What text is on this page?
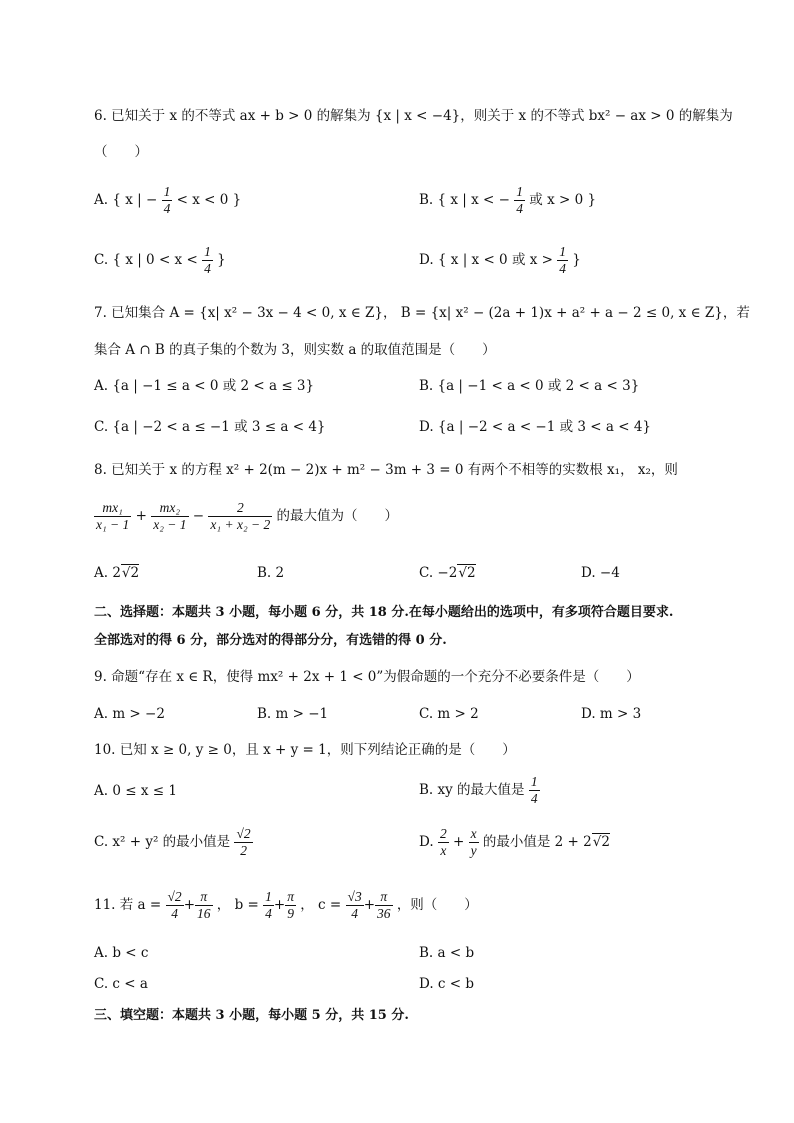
6. 已知关于 x 的不等式 ax + b > 0 的解集为 {x | x < −4}，则关于 x 的不等式 bx² − ax > 0 的解集为
（　　）
A. { x | − $\frac{1}{4} < x < 0$ }	B. { x | x < − $\frac{1}{4}$ 或 x > 0 }
C. { x | $0 < x < \frac{1}{4}$ }	D. { x | x < 0 或 $x > \frac{1}{4}$ }
7. 已知集合 A = {x| x² − 3x − 4 < 0, x ∈ Z}， B = {x| x² − (2a + 1)x + a² + a − 2 ≤ 0, x ∈ Z}，若
集合 A ∩ B 的真子集的个数为 3，则实数 a 的取值范围是（　　）
A. {a | −1 ≤ a < 0 或 2 < a ≤ 3}	B. {a | −1 < a < 0 或 2 < a < 3}
C. {a | −2 < a ≤ −1 或 3 ≤ a < 4}	D. {a | −2 < a < −1 或 3 < a < 4}
8. 已知关于 x 的方程 x² + 2(m − 2)x + m² − 3m + 3 = 0 有两个不相等的实数根 x₁， x₂，则
$\frac{\text{mx₁}}{\text{x₁ − 1}} + \frac{\text{mx₂}}{\text{x₂ − 1}} - \frac{2}{\text{x₁ + x₂ − 2}}$ 的最大值为（　　）
A. 2√2	B. 2	C. −2√2	D. −4
二、选择题：本题共 3 小题，每小题 6 分，共 18 分.在每小题给出的选项中，有多项符合题目要求.
全部选对的得 6 分，部分选对的得部分分，有选错的得 0 分.
9. 命题“存在 x ∈ R，使得 mx² + 2x + 1 < 0”为假命题的一个充分不必要条件是（　　）
A. m > −2	B. m > −1	C. m > 2	D. m > 3
10. 已知 x ≥ 0, y ≥ 0，且 x + y = 1，则下列结论正确的是（　　）
A. 0 ≤ x ≤ 1	B. xy 的最大值是 $\frac{1}{4}$
C. x² + y² 的最小值是 $\frac{√2}{2}$	D. $\frac{2}{x} + \frac{x}{y}$ 的最小值是 2 + 2√2
11. 若 $a = \frac{√2}{4} + \frac{\pi}{16}$ ， $b = \frac{1}{4} + \frac{\pi}{9}$ ， $c = \frac{√3}{4} + \frac{\pi}{36}$ ，则（　　）
A. b < c	B. a < b
C. c < a	D. c < b
三、填空题：本题共 3 小题，每小题 5 分，共 15 分.
